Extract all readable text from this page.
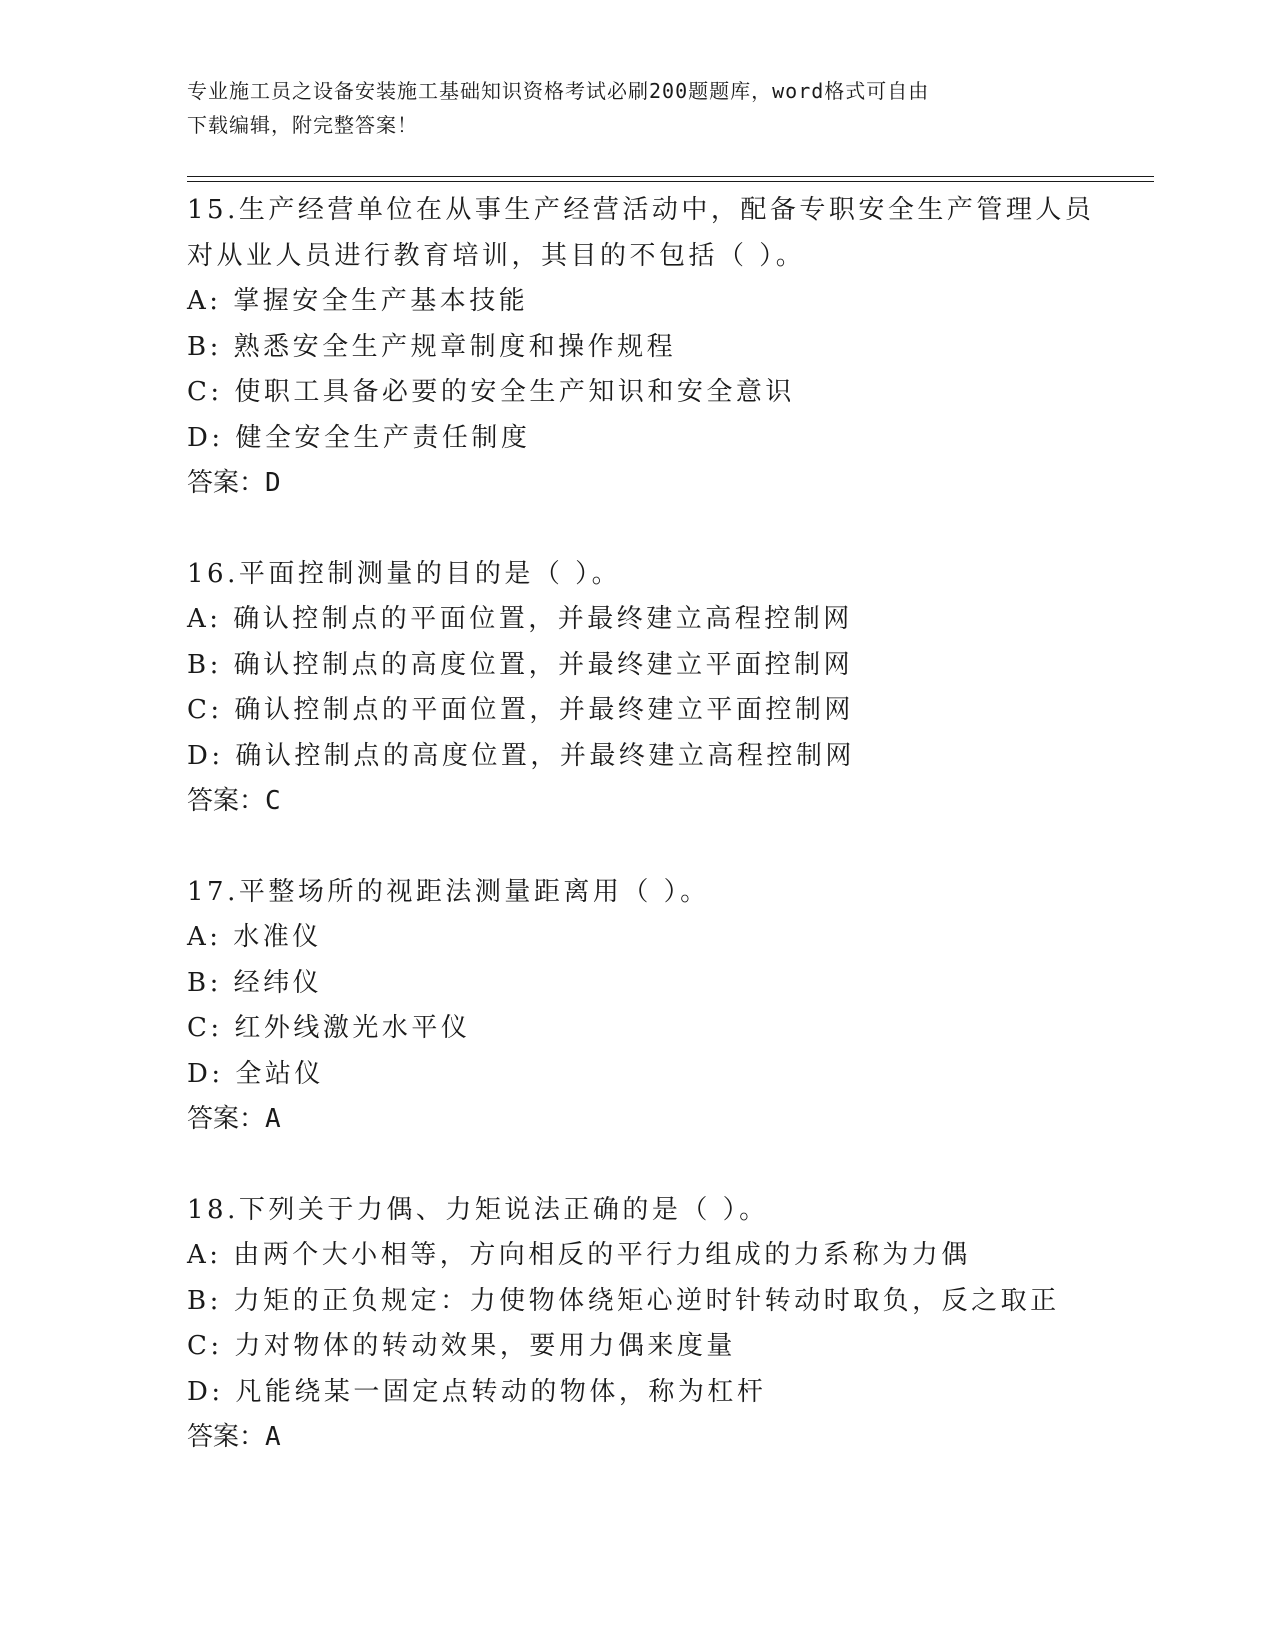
专业施工员之设备安装施工基础知识资格考试必刷200题题库，word格式可自由
下载编辑，附完整答案！
15.生产经营单位在从事生产经营活动中，配备专职安全生产管理人员
对从业人员进行教育培训，其目的不包括（ ）。
A: 掌握安全生产基本技能
B: 熟悉安全生产规章制度和操作规程
C: 使职工具备必要的安全生产知识和安全意识
D: 健全安全生产责任制度
答案：D
16.平面控制测量的目的是（ ）。
A: 确认控制点的平面位置，并最终建立高程控制网
B: 确认控制点的高度位置，并最终建立平面控制网
C: 确认控制点的平面位置，并最终建立平面控制网
D: 确认控制点的高度位置，并最终建立高程控制网
答案：C
17.平整场所的视距法测量距离用（ ）。
A: 水准仪
B: 经纬仪
C: 红外线激光水平仪
D: 全站仪
答案：A
18.下列关于力偶、力矩说法正确的是（ ）。
A: 由两个大小相等，方向相反的平行力组成的力系称为力偶
B: 力矩的正负规定：力使物体绕矩心逆时针转动时取负，反之取正
C: 力对物体的转动效果，要用力偶来度量
D: 凡能绕某一固定点转动的物体，称为杠杆
答案：A
